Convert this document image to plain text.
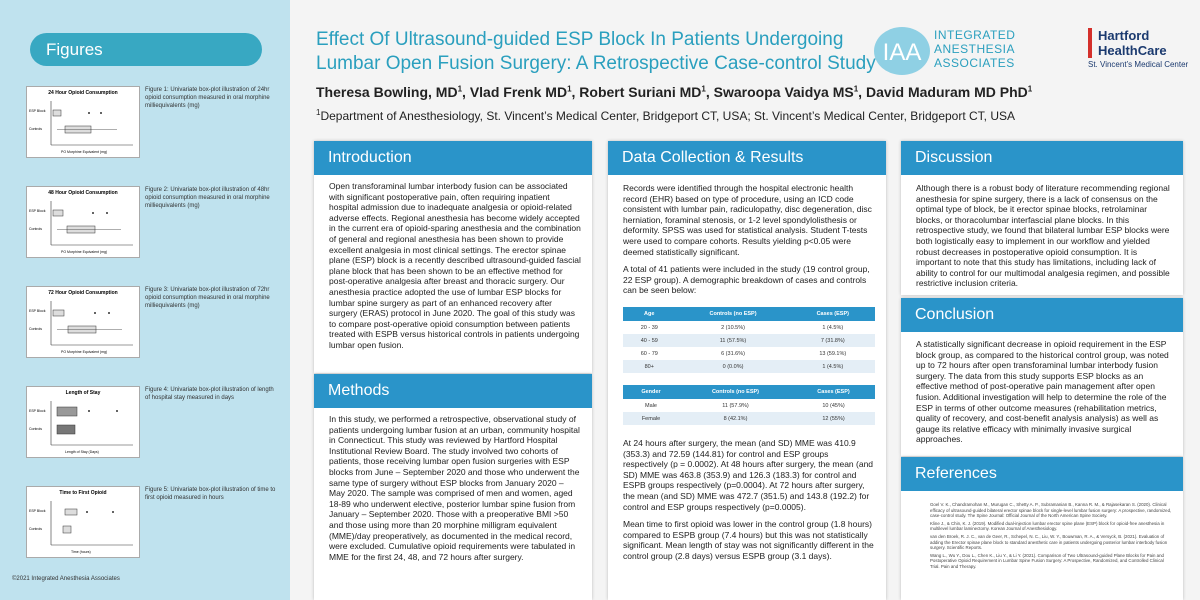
Figures
24 Hour Opioid Consumption
ESP Block
Controls
PO Morphine Equivalent (mg)
Figure 1: Univariate box-plot illustration of 24hr opioid consumption measured in oral morphine milliequivalents (mg)
48 Hour Opioid Consumption
ESP Block
Controls
PO Morphine Equivalent (mg)
Figure 2: Univariate box-plot illustration of 48hr opioid consumption measured in oral morphine milliequivalents (mg)
72 Hour Opioid Consumption
ESP Block
Controls
PO Morphine Equivalent (mg)
Figure 3: Univariate box-plot illustration of 72hr opioid consumption measured in oral morphine milliequivalents (mg)
Length of Stay
ESP Block
Controls
Length of Stay (Days)
Figure 4: Univariate box-plot illustration of length of hospital stay measured in days
Time to First Opioid
ESP Block
Controls
Time (hours)
Figure 5: Univariate box-plot illustration of time to first opioid measured in hours
©2021 Integrated Anesthesia Associates
Effect Of Ultrasound-guided ESP Block In Patients Undergoing
Lumbar Open Fusion Surgery: A Retrospective Case-control Study
Theresa Bowling, $MD^1$, Vlad Frenk $MD^1$, Robert Suriani $MD^1$, Swaroopa Vaidya $MS^1$, David Maduram MD PhD$^1$
$^1$Department of Anesthesiology, St. Vincent’s Medical Center, Bridgeport CT, USA; St. Vincent’s Medical Center, Bridgeport CT, USA
IAA
INTEGRATED
ANESTHESIA
ASSOCIATES
Hartford
HealthCare
St. Vincent’s Medical Center
Introduction
Open transforaminal lumbar interbody fusion can be associated with significant postoperative pain, often requiring inpatient hospital admission due to inadequate analgesia or opioid-related adverse effects. Regional anesthesia has become widely accepted in the current era of opioid-sparing anesthesia and the combination of general and regional anesthesia has been shown to provide excellent analgesia in most clinical settings. The erector spinae plane (ESP) block is a recently described ultrasound-guided fascial plane block that has been shown to be an effective method for post-operative analgesia after breast and thoracic surgery. Our anesthesia practice adopted the use of lumbar ESP blocks for lumbar spine surgery as part of an enhanced recovery after surgery (ERAS) protocol in June 2020. The goal of this study was to compare post-operative opioid consumption between patients treated with ESPB versus historical controls in patients undergoing lumbar open fusion.
Methods
In this study, we performed a retrospective, observational study of patients undergoing lumbar fusion at an urban, community hospital in Connecticut. This study was reviewed by Hartford Hospital Institutional Review Board. The study involved two cohorts of patients, those receiving lumbar open fusion surgeries with ESP blocks from June – September 2020 and those who underwent the same type of surgery without ESP blocks from January 2020 – May 2020. The sample was comprised of men and women, aged 18-89 who underwent elective, posterior lumbar spine fusion from January – September 2020. Those with a preoperative BMI >50 and those using more than 20 morphine milligram equivalent (MME)/day preoperatively, as documented in the medical record, were excluded. Cumulative opioid requirements were tabulated in MME for the first 24, 48, and 72 hours after surgery.
Data Collection & Results

Records were identified through the hospital electronic health record (EHR) based on type of procedure, using an ICD code consistent with lumbar pain, radiculopathy, disc degeneration, disc herniation, foraminal stenosis, or 1-2 level spondylolisthesis or deformity. SPSS was used for statistical analysis. Student T-tests were used to compare cohorts. Results yielding p<0.05 were deemed statistically significant.

A total of 41 patients were included in the study (19 control group, 22 ESP group). A demographic breakdown of cases and controls can be seen below:

Age	Controls (no ESP)	Cases (ESP)
20 - 39	2 (10.5%)	1 (4.5%)
40 - 59	11 (57.5%)	7 (31.8%)
60 - 79	6 (31.6%)	13 (59.1%)
80+	0 (0.0%)	1 (4.5%)
Gender	Controls (no ESP)	Cases (ESP)
Male	11 (57.9%)	10 (45%)
Female	8 (42.1%)	12 (55%)

At 24 hours after surgery, the mean (and SD) MME was 410.9 (353.3) and 72.59 (144.81) for control and ESP groups respectively (p = 0.0002). At 48 hours after surgery, the mean (and SD) MME was 463.8 (353.9) and 126.3 (183.3) for control and ESPB groups respectively (p=0.0004). At 72 hours after surgery, the mean (and SD) MME was 472.7 (351.5) and 143.8 (192.2) for control and ESP groups respectively (p=0.0005).

Mean time to first opioid was lower in the control group (1.8 hours) compared to ESPB group (7.4 hours) but this was not statistically significant. Mean length of stay was not significantly different in the control group (2.8 days) versus ESPB group (3.1 days).

Discussion
Although there is a robust body of literature recommending regional anesthesia for spine surgery, there is a lack of consensus on the optimal type of block, be it erector spinae blocks, retrolaminar blocks, or thoracolumbar interfascial plane blocks. In this retrospective study, we found that bilateral lumbar ESP blocks were both logistically easy to implement in our workflow and yielded robust decreases in postoperative opioid consumption. It is important to note that this study has limitations, including lack of ability to control for our multimodal analgesia regimen, and possible restrictive inclusion criteria.
Conclusion
A statistically significant decrease in opioid requirement in the ESP block group, as compared to the historical control group, was noted up to 72 hours after open transforaminal lumbar interbody fusion surgery. The data from this study supports ESP blocks as an effective method of post-operative pain management after open fusion. Additional investigation will help to determine the role of the ESP in terms of other outcome measures (rehabilitation metrics, quality of recovery, and cost-benefit analysis analysis) as well as gauge its relative efficacy with minimally invasive surgical approaches.
References

Goel V. K., Chandramohan M., Murugan C., Shetty A. P., Subramanian B., Kanna R. M., & Rajasekaran S. (2020). Clinical efficacy of ultrasound-guided bilateral erector spinae block for single-level lumbar fusion surgery: A prospective, randomized, case-control study. The Spine Journal: Official Journal of the North American Spine Society.

Kline J., & Chin, K. J. (2019). Modified dual-injection lumbar erector spine plane (ESP) block for opioid-free anesthesia in multilevel lumbar laminectomy. Korean Journal of Anesthesiology.

van den Broek, R. J. C., van de Geer, R., Schepel, N. C., Liu, W. Y., Bouwman, R. A., & Versyck, B. (2021). Evaluation of adding the Erector spinae plane block to standard anesthetic care in patients undergoing posterior lumbar interbody fusion surgery. Scientific Reports.

Wang L., Wu Y., Dou L., Chen K., Liu Y., & Li Y. (2021). Comparison of Two Ultrasound-guided Plane Blocks for Pain and Postoperative Opioid Requirement in Lumbar Spine Fusion Surgery: A Prospective, Randomized, and Controlled Clinical Trial. Pain and Therapy.
